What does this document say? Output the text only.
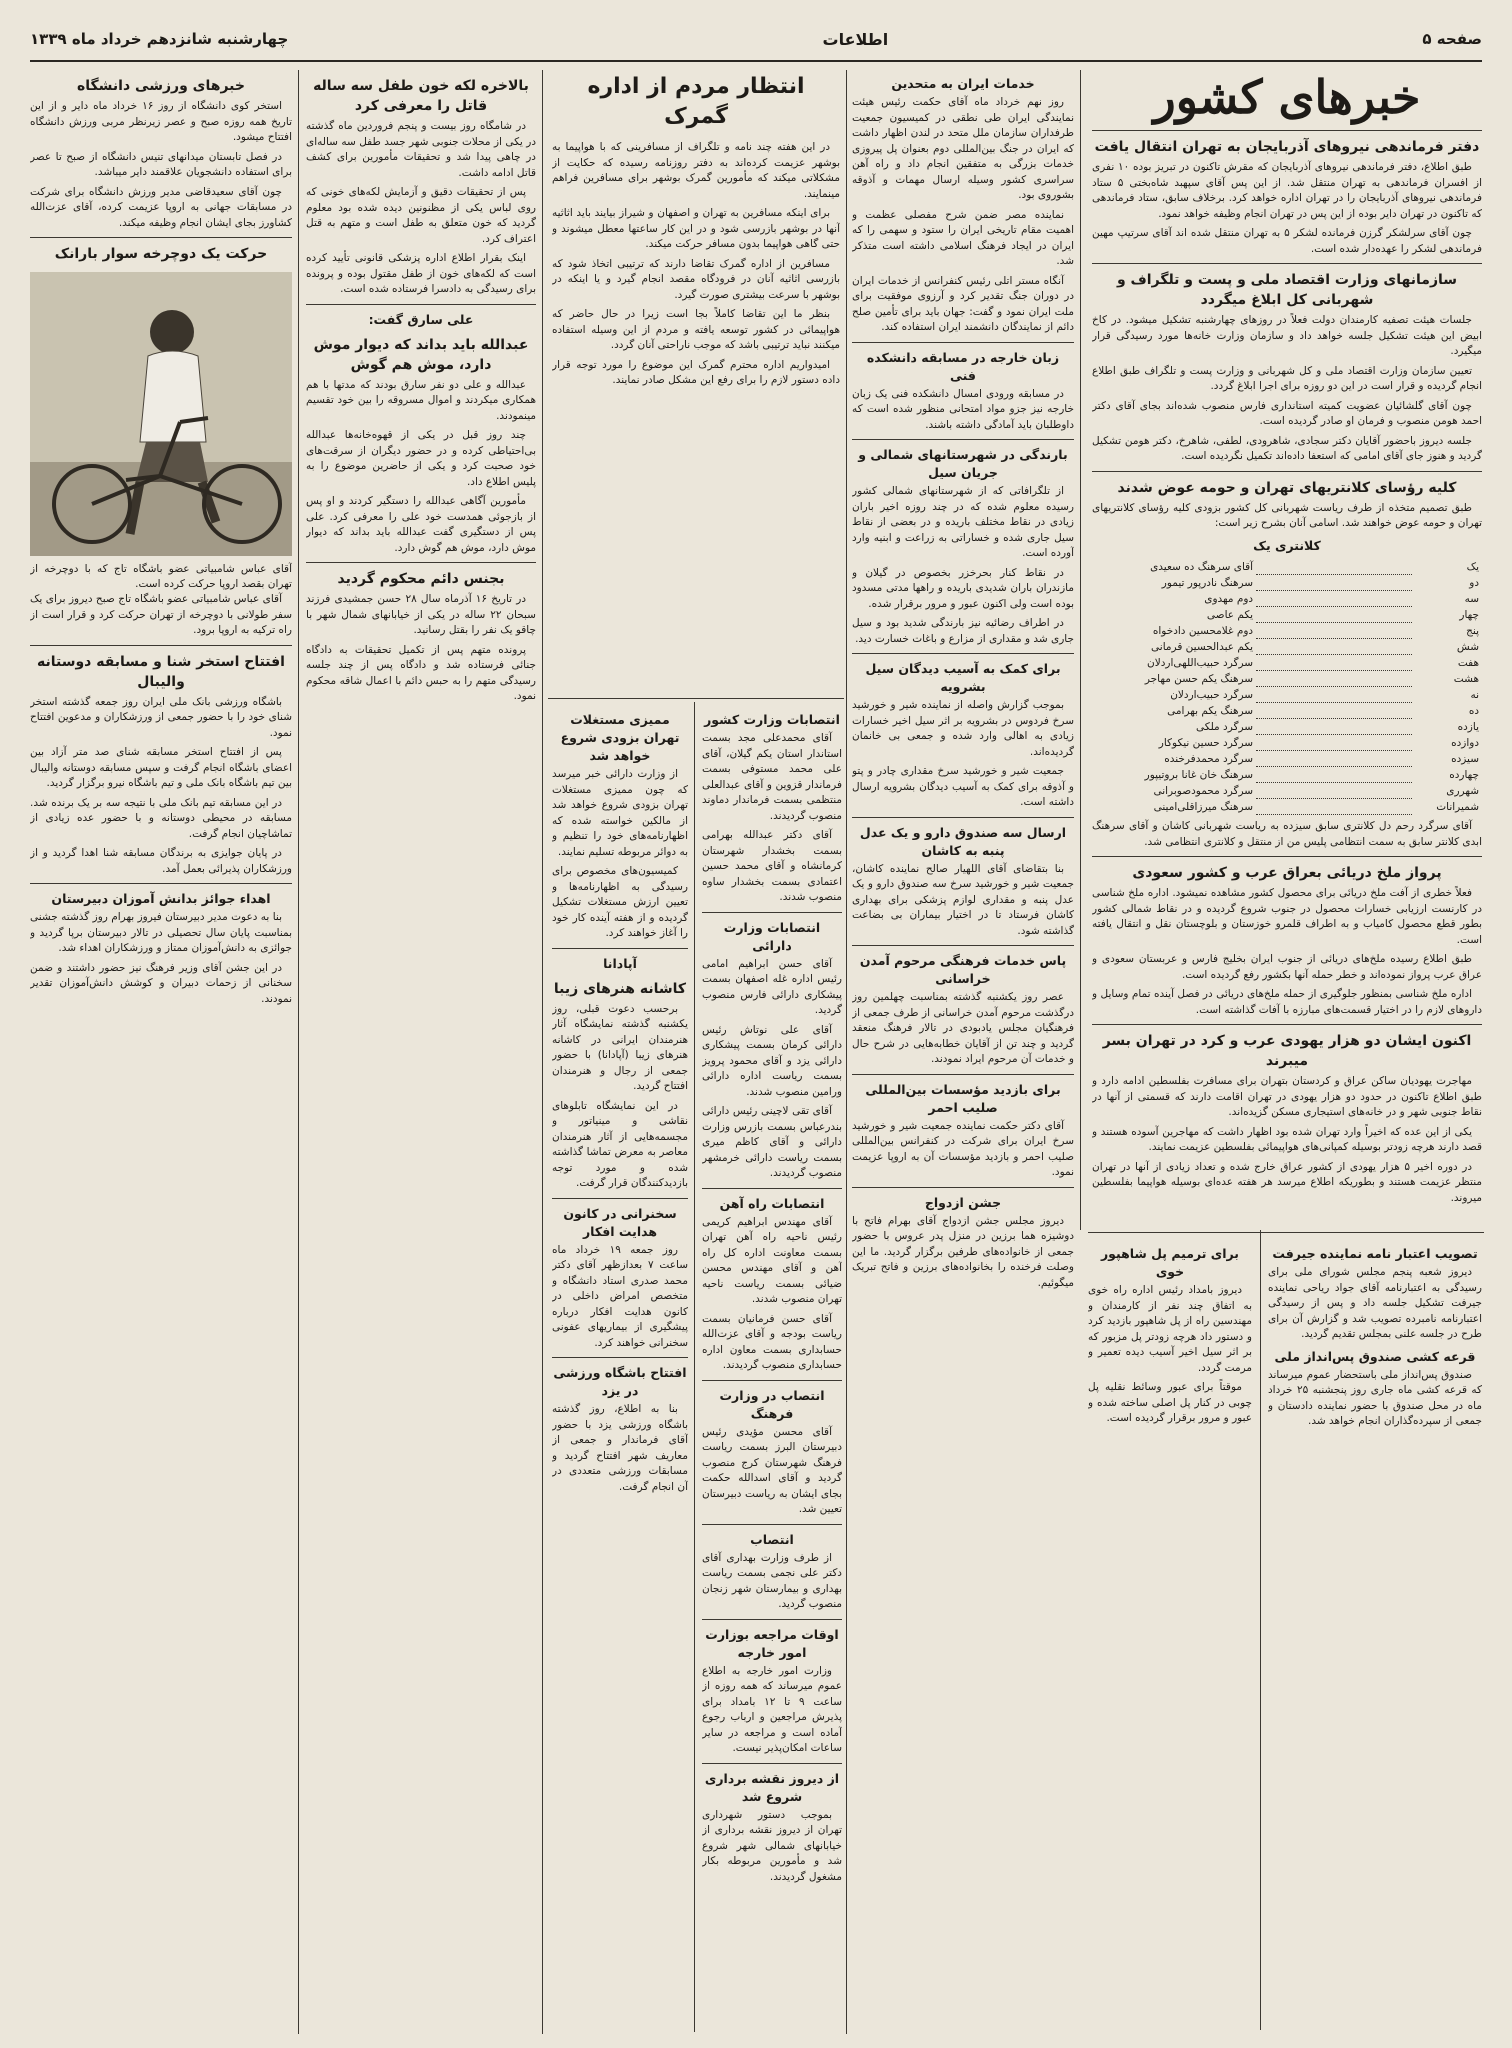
صفحه ۵
اطلاعات
چهارشنبه شانزدهم خرداد ماه ۱۳۳۹
خبرهای کشور
دفتر فرماندهی نیروهای آذربایجان به تهران انتقال یافت

طبق اطلاع، دفتر فرماندهی نیروهای آذربایجان که مقرش تاکنون در تبریز بوده ۱۰ نفری از افسران فرماندهی به تهران منتقل شد. از این پس آقای سپهبد شاه‌بختی ۵ ستاد فرماندهی نیروهای آذربایجان را در تهران اداره خواهد کرد. برخلاف سابق، ستاد فرماندهی که تاکنون در تهران دایر بوده از این پس در تهران انجام وظیفه خواهد نمود.

چون آقای سرلشکر گرزن فرمانده لشکر ۵ به تهران منتقل شده اند آقای سرتیپ مهین فرماندهی لشکر را عهده‌دار شده است.

سازمانهای وزارت اقتصاد ملی و پست و تلگراف و شهربانی کل ابلاغ میگردد

جلسات هیئت تصفیه کارمندان دولت فعلاً در روزهای چهارشنبه تشکیل میشود. در کاخ ابیض این هیئت تشکیل جلسه خواهد داد و سازمان وزارت خانه‌ها مورد رسیدگی قرار میگیرد.

تعیین سازمان وزارت اقتصاد ملی و کل شهربانی و وزارت پست و تلگراف طبق اطلاع انجام گردیده و قرار است در این دو روزه برای اجرا ابلاغ گردد.

چون آقای گلشائیان عضویت کمیته استانداری فارس منصوب شده‌اند بجای آقای دکتر احمد هومن منصوب و فرمان او صادر گردیده است.

جلسه دیروز باحضور آقایان دکتر سجادی، شاهرودی، لطفی، شاهرخ، دکتر هومن تشکیل گردید و هنوز جای آقای امامی که استعفا داده‌اند تکمیل نگردیده است.

کلیه رؤسای کلانتریهای تهران و حومه عوض شدند

طبق تصمیم متخذه از طرف ریاست شهربانی کل کشور بزودی کلیه رؤسای کلانتریهای تهران و حومه عوض خواهند شد. اسامی آنان بشرح زیر است:

کلانتری یک
یک		آقای سرهنگ ده سعیدی
دو		سرهنگ نادرپور تیمور
سه		دوم مهدوی
چهار		یکم عاصی
پنج		دوم غلامحسین دادخواه
شش		یکم عبدالحسین قرمانی
هفت		سرگرد حبیب‌اللهی‌اردلان
هشت		سرهنگ یکم حسن مهاجر
نه		سرگرد حبیب‌اردلان
ده		سرهنگ یکم بهرامی
یازده		سرگرد ملکی
دوازده		سرگرد حسین نیکوکار
سیزده		سرگرد محمدفرخنده
چهارده		سرهنگ خان غانا بروتیپور
شهرری		سرگرد محمودصوبرانی
شمیرانات		سرهنگ میرزاقلی‌امینی

آقای سرگرد رحم دل کلانتری سابق سیزده به ریاست شهربانی کاشان و آقای سرهنگ ابدی کلانتر سابق به سمت انتظامی پلیس من از منتقل و کلانتری انتظامی شد.

پرواز ملخ دریائی بعراق عرب و کشور سعودی

فعلاً خطری از آفت ملخ دریائی برای محصول کشور مشاهده نمیشود. اداره ملخ شناسی در کارنست ارزیابی خسارات محصول در جنوب شروع گردیده و در نقاط شمالی کشور بطور قطع محصول کامیاب و به اطراف قلمرو خوزستان و بلوچستان نقل و انتقال یافته است.

طبق اطلاع رسیده ملخ‌های دریائی از جنوب ایران بخلیج فارس و عربستان سعودی و عراق عرب پرواز نموده‌اند و خطر حمله آنها بکشور رفع گردیده است.

اداره ملخ شناسی بمنظور جلوگیری از حمله ملخ‌های دریائی در فصل آینده تمام وسایل و داروهای لازم را در اختیار قسمت‌های مبارزه با آفات گذاشته است.

اکنون ایشان دو هزار یهودی عرب و کرد در تهران بسر میبرند

مهاجرت یهودیان ساکن عراق و کردستان بتهران برای مسافرت بفلسطین ادامه دارد و طبق اطلاع تاکنون در حدود دو هزار یهودی در تهران اقامت دارند که قسمتی از آنها در نقاط جنوبی شهر و در خانه‌های استیجاری مسکن گزیده‌اند.

یکی از این عده که اخیراً وارد تهران شده بود اظهار داشت که مهاجرین آسوده هستند و قصد دارند هرچه زودتر بوسیله کمپانی‌های هواپیمائی بفلسطین عزیمت نمایند.

در دوره اخیر ۵ هزار یهودی از کشور عراق خارج شده و تعداد زیادی از آنها در تهران منتظر عزیمت هستند و بطوریکه اطلاع میرسد هر هفته عده‌ای بوسیله هواپیما بفلسطین میروند.

تصویب اعتبار نامه نماینده جیرفت

دیروز شعبه پنجم مجلس شورای ملی برای رسیدگی به اعتبارنامه آقای جواد ریاحی نماینده جیرفت تشکیل جلسه داد و پس از رسیدگی اعتبارنامه نامبرده تصویب شد و گزارش آن برای طرح در جلسه علنی بمجلس تقدیم گردید.

قرعه کشی صندوق پس‌انداز ملی

صندوق پس‌انداز ملی باستحضار عموم میرساند که قرعه کشی ماه جاری روز پنجشنبه ۲۵ خرداد ماه در محل صندوق با حضور نماینده دادستان و جمعی از سپرده‌گذاران انجام خواهد شد.

برای ترمیم پل شاهپور خوی

دیروز بامداد رئیس اداره راه خوی به اتفاق چند نفر از کارمندان و مهندسین راه از پل شاهپور بازدید کرد و دستور داد هرچه زودتر پل مزبور که بر اثر سیل اخیر آسیب دیده تعمیر و مرمت گردد.

موقتاً برای عبور وسائط نقلیه پل چوبی در کنار پل اصلی ساخته شده و عبور و مرور برقرار گردیده است.

خدمات ایران به متحدین

روز نهم خرداد ماه آقای حکمت رئیس هیئت نمایندگی ایران طی نطقی در کمیسیون جمعیت طرفداران سازمان ملل متحد در لندن اظهار داشت که ایران در جنگ بین‌المللی دوم بعنوان پل پیروزی خدمات بزرگی به متفقین انجام داد و راه آهن سراسری کشور وسیله ارسال مهمات و آذوقه بشوروی بود.

نماینده مصر ضمن شرح مفصلی عظمت و اهمیت مقام تاریخی ایران را ستود و سهمی را که ایران در ایجاد فرهنگ اسلامی داشته است متذکر شد.

آنگاه مستر اتلی رئیس کنفرانس از خدمات ایران در دوران جنگ تقدیر کرد و آرزوی موفقیت برای ملت ایران نمود و گفت: جهان باید برای تأمین صلح دائم از نمایندگان دانشمند ایران استفاده کند.

زبان خارجه در مسابقه دانشکده فنی

در مسابقه ورودی امسال دانشکده فنی یک زبان خارجه نیز جزو مواد امتحانی منظور شده است که داوطلبان باید آمادگی داشته باشند.

بارندگی در شهرستانهای شمالی و جریان سیل

از تلگرافاتی که از شهرستانهای شمالی کشور رسیده معلوم شده که در چند روزه اخیر باران زیادی در نقاط مختلف باریده و در بعضی از نقاط سیل جاری شده و خساراتی به زراعت و ابنیه وارد آورده است.

در نقاط کنار بحرخزر بخصوص در گیلان و مازندران باران شدیدی باریده و راهها مدتی مسدود بوده است ولی اکنون عبور و مرور برقرار شده.

در اطراف رضائیه نیز بارندگی شدید بود و سیل جاری شد و مقداری از مزارع و باغات خسارت دید.

برای کمک به آسیب دیدگان سیل بشرویه

بموجب گزارش واصله از نماینده شیر و خورشید سرخ فردوس در بشرویه بر اثر سیل اخیر خسارات زیادی به اهالی وارد شده و جمعی بی خانمان گردیده‌اند.

جمعیت شیر و خورشید سرخ مقداری چادر و پتو و آذوقه برای کمک به آسیب دیدگان بشرویه ارسال داشته است.

ارسال سه صندوق دارو و یک عدل پنبه به کاشان

بنا بتقاضای آقای اللهیار صالح نماینده کاشان، جمعیت شیر و خورشید سرخ سه صندوق دارو و یک عدل پنبه و مقداری لوازم پزشکی برای بهداری کاشان فرستاد تا در اختیار بیماران بی بضاعت گذاشته شود.

پاس خدمات فرهنگی مرحوم آمدن خراسانی

عصر روز یکشنبه گذشته بمناسبت چهلمین روز درگذشت مرحوم آمدن خراسانی از طرف جمعی از فرهنگیان مجلس یادبودی در تالار فرهنگ منعقد گردید و چند تن از آقایان خطابه‌هایی در شرح حال و خدمات آن مرحوم ایراد نمودند.

برای بازدید مؤسسات بین‌المللی صلیب احمر

آقای دکتر حکمت نماینده جمعیت شیر و خورشید سرخ ایران برای شرکت در کنفرانس بین‌المللی صلیب احمر و بازدید مؤسسات آن به اروپا عزیمت نمود.

جشن ازدواج

دیروز مجلس جشن ازدواج آقای بهرام فاتح با دوشیزه هما برزین در منزل پدر عروس با حضور جمعی از خانواده‌های طرفین برگزار گردید. ما این وصلت فرخنده را بخانواده‌های برزین و فاتح تبریک میگوئیم.

انتظار مردم از اداره گمرک

در این هفته چند نامه و تلگراف از مسافرینی که با هواپیما به بوشهر عزیمت کرده‌اند به دفتر روزنامه رسیده که حکایت از مشکلاتی میکند که مأمورین گمرک بوشهر برای مسافرین فراهم مینمایند.

برای اینکه مسافرین به تهران و اصفهان و شیراز بیایند باید اثاثیه آنها در بوشهر بازرسی شود و در این کار ساعتها معطل میشوند و حتی گاهی هواپیما بدون مسافر حرکت میکند.

مسافرین از اداره گمرک تقاضا دارند که ترتیبی اتخاذ شود که بازرسی اثاثیه آنان در فرودگاه مقصد انجام گیرد و یا اینکه در بوشهر با سرعت بیشتری صورت گیرد.

بنظر ما این تقاضا کاملاً بجا است زیرا در حال حاضر که هواپیمائی در کشور توسعه یافته و مردم از این وسیله استفاده میکنند نباید ترتیبی باشد که موجب ناراحتی آنان گردد.

امیدواریم اداره محترم گمرک این موضوع را مورد توجه قرار داده دستور لازم را برای رفع این مشکل صادر نمایند.

انتصابات وزارت کشور

آقای محمدعلی مجد بسمت استاندار استان یکم گیلان، آقای علی محمد مستوفی بسمت فرماندار قزوین و آقای عبدالعلی منتظمی بسمت فرماندار دماوند منصوب گردیدند.

آقای دکتر عبدالله بهرامی بسمت بخشدار شهرستان کرمانشاه و آقای محمد حسین اعتمادی بسمت بخشدار ساوه منصوب شدند.

انتصابات وزارت دارائی

آقای حسن ابراهیم امامی رئیس اداره غله اصفهان بسمت پیشکاری دارائی فارس منصوب گردید.

آقای علی نوتاش رئیس دارائی کرمان بسمت پیشکاری دارائی یزد و آقای محمود پرویز بسمت ریاست اداره دارائی ورامین منصوب شدند.

آقای تقی لاچینی رئیس دارائی بندرعباس بسمت بازرس وزارت دارائی و آقای کاظم میری بسمت ریاست دارائی خرمشهر منصوب گردیدند.

انتصابات راه آهن

آقای مهندس ابراهیم کریمی رئیس ناحیه راه آهن تهران بسمت معاونت اداره کل راه آهن و آقای مهندس محسن ضیائی بسمت ریاست ناحیه تهران منصوب شدند.

آقای حسن فرمانیان بسمت ریاست بودجه و آقای عزت‌الله حسابداری بسمت معاون اداره حسابداری منصوب گردیدند.

انتصاب در وزارت فرهنگ

آقای محسن مؤیدی رئیس دبیرستان البرز بسمت ریاست فرهنگ شهرستان کرج منصوب گردید و آقای اسدالله حکمت بجای ایشان به ریاست دبیرستان تعیین شد.

انتصاب

از طرف وزارت بهداری آقای دکتر علی نجمی بسمت ریاست بهداری و بیمارستان شهر زنجان منصوب گردید.

اوقات مراجعه بوزارت امور خارجه

وزارت امور خارجه به اطلاع عموم میرساند که همه روزه از ساعت ۹ تا ۱۲ بامداد برای پذیرش مراجعین و ارباب رجوع آماده است و مراجعه در سایر ساعات امکان‌پذیر نیست.

از دیروز نقشه برداری شروع شد

بموجب دستور شهرداری تهران از دیروز نقشه برداری از خیابانهای شمالی شهر شروع شد و مأمورین مربوطه بکار مشغول گردیدند.

ممیزی مستغلات تهران بزودی شروع خواهد شد

از وزارت دارائی خبر میرسد که چون ممیزی مستغلات تهران بزودی شروع خواهد شد از مالکین خواسته شده که اظهارنامه‌های خود را تنظیم و به دوائر مربوطه تسلیم نمایند.

کمیسیون‌های مخصوص برای رسیدگی به اظهارنامه‌ها و تعیین ارزش مستغلات تشکیل گردیده و از هفته آینده کار خود را آغاز خواهند کرد.

آپادانا
کاشانه هنرهای زیبا

برحسب دعوت قبلی، روز یکشنبه گذشته نمایشگاه آثار هنرمندان ایرانی در کاشانه هنرهای زیبا (آپادانا) با حضور جمعی از رجال و هنرمندان افتتاح گردید.

در این نمایشگاه تابلوهای نقاشی و مینیاتور و مجسمه‌هایی از آثار هنرمندان معاصر به معرض تماشا گذاشته شده و مورد توجه بازدیدکنندگان قرار گرفت.

سخنرانی در کانون هدایت افکار

روز جمعه ۱۹ خرداد ماه ساعت ۷ بعدازظهر آقای دکتر محمد صدری استاد دانشگاه و متخصص امراض داخلی در کانون هدایت افکار درباره پیشگیری از بیماریهای عفونی سخنرانی خواهند کرد.

افتتاح باشگاه ورزشی در یزد

بنا به اطلاع، روز گذشته باشگاه ورزشی یزد با حضور آقای فرماندار و جمعی از معاریف شهر افتتاح گردید و مسابقات ورزشی متعددی در آن انجام گرفت.

بالاخره لکه خون طفل سه ساله قاتل را معرفی کرد

در شامگاه روز بیست و پنجم فروردین ماه گذشته در یکی از محلات جنوبی شهر جسد طفل سه ساله‌ای در چاهی پیدا شد و تحقیقات مأمورین برای کشف قاتل ادامه داشت.

پس از تحقیقات دقیق و آزمایش لکه‌های خونی که روی لباس یکی از مظنونین دیده شده بود معلوم گردید که خون متعلق به طفل است و متهم به قتل اعتراف کرد.

اینک بقرار اطلاع اداره پزشکی قانونی تأیید کرده است که لکه‌های خون از طفل مقتول بوده و پرونده برای رسیدگی به دادسرا فرستاده شده است.

علی سارق گفت:
عبدالله باید بداند که دیوار موش دارد، موش هم گوش

عبدالله و علی دو نفر سارق بودند که مدتها با هم همکاری میکردند و اموال مسروقه را بین خود تقسیم مینمودند.

چند روز قبل در یکی از قهوه‌خانه‌ها عبدالله بی‌احتیاطی کرده و در حضور دیگران از سرقت‌های خود صحبت کرد و یکی از حاضرین موضوع را به پلیس اطلاع داد.

مأمورین آگاهی عبدالله را دستگیر کردند و او پس از بازجوئی همدست خود علی را معرفی کرد. علی پس از دستگیری گفت عبدالله باید بداند که دیوار موش دارد، موش هم گوش دارد.

بجنس دائم محکوم گردید

در تاریخ ۱۶ آذرماه سال ۲۸ حسن جمشیدی فرزند سبحان ۲۲ ساله در یکی از خیابانهای شمال شهر با چاقو یک نفر را بقتل رسانید.

پرونده متهم پس از تکمیل تحقیقات به دادگاه جنائی فرستاده شد و دادگاه پس از چند جلسه رسیدگی متهم را به حبس دائم با اعمال شاقه محکوم نمود.

خبرهای ورزشی دانشگاه

استخر کوی دانشگاه از روز ۱۶ خرداد ماه دایر و از این تاریخ همه روزه صبح و عصر زیرنظر مربی ورزش دانشگاه افتتاح میشود.

در فصل تابستان میدانهای تنیس دانشگاه از صبح تا عصر برای استفاده دانشجویان علاقمند دایر میباشد.

چون آقای سعیدقاضی مدیر ورزش دانشگاه برای شرکت در مسابقات جهانی به اروپا عزیمت کرده، آقای عزت‌الله کشاورز بجای ایشان انجام وظیفه میکند.

حرکت یک دوچرخه سوار بارانک
آقای عباس شامبیاتی عضو باشگاه تاج که با دوچرخه از تهران بقصد اروپا حرکت کرده است.

آقای عباس شامبیاتی عضو باشگاه تاج صبح دیروز برای یک سفر طولانی با دوچرخه از تهران حرکت کرد و قرار است از راه ترکیه به اروپا برود.

افتتاح استخر شنا و مسابقه دوستانه والیبال

باشگاه ورزشی بانک ملی ایران روز جمعه گذشته استخر شنای خود را با حضور جمعی از ورزشکاران و مدعوین افتتاح نمود.

پس از افتتاح استخر مسابقه شنای صد متر آزاد بین اعضای باشگاه انجام گرفت و سپس مسابقه دوستانه والیبال بین تیم باشگاه بانک ملی و تیم باشگاه نیرو برگزار گردید.

در این مسابقه تیم بانک ملی با نتیجه سه بر یک برنده شد. مسابقه در محیطی دوستانه و با حضور عده زیادی از تماشاچیان انجام گرفت.

در پایان جوایزی به برندگان مسابقه شنا اهدا گردید و از ورزشکاران پذیرائی بعمل آمد.

اهداء جوائز بدانش آموزان دبیرستان

بنا به دعوت مدیر دبیرستان فیروز بهرام روز گذشته جشنی بمناسبت پایان سال تحصیلی در تالار دبیرستان برپا گردید و جوائزی به دانش‌آموزان ممتاز و ورزشکاران اهداء شد.

در این جشن آقای وزیر فرهنگ نیز حضور داشتند و ضمن سخنانی از زحمات دبیران و کوشش دانش‌آموزان تقدیر نمودند.
